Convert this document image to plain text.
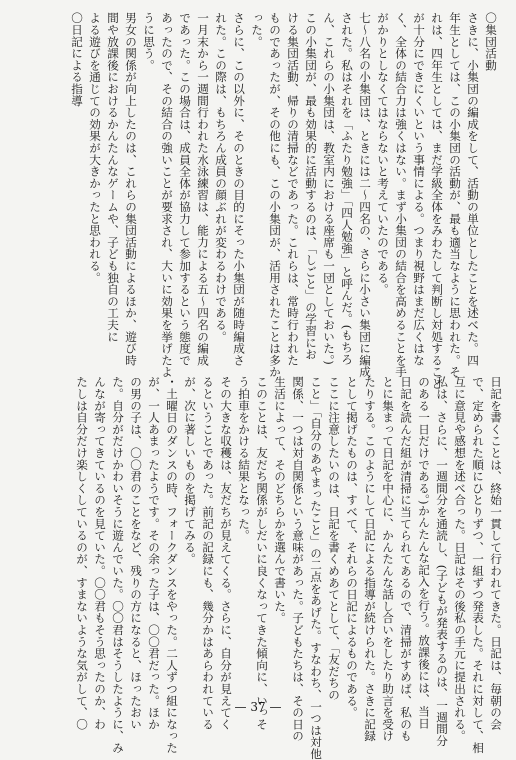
〇集団活動
さきに、小集団の編成をして、活動の単位としたことを述べた。四
年生としては、この小集団の活動が、最も適当なように思われた。そ
れは、四年生としては、まだ学級全体をみわたして判断し対処すること
が十分にできにくいという事情による。つまり視野はまだ広くはな
く、全体の結合力は強くはない。まず小集団の結合を高めることを手
がかりとしなくてはならないと考えていたのである。
七～八名の小集団は、ときには二～四名の、さらに小さい集団に編成
された。私はそれを「ふたり勉強」「四人勉強」と呼んだ。(もちろ
ん、これらの小集団は、教室内における座席も一団としておいた。)
この小集団が、最も効果的に活動するのは、「しごと」の学習にお
ける集団活動、帰りの清掃などであった。これらは、常時行われた
ものであったが、その他にも、この小集団が、活用されたことは多か
った。
さらに、この以外に、そのときの目的にそった小集団が随時編成さ
れた。この際は、もちろん成員の顔ぶれが変わるわけである。
一月末から一週間行われた水泳練習は、能力による五～四名の編成
であった。この場合は、成員全体が協力して参加するという態度で
あったので、その結合の強いことが要求され、大いに効果を挙げたよ
うに思う。
男女の関係が向上したのは、これらの集団活動によるほか、遊び時
間や放課後におけるかんたんなゲームや、子ども独自の工夫に
よる遊びを通じての効果が大きかったと思われる。
〇日記による指導
日記を書くことは、終始一貫して行われてきた。日記は、毎朝の会
で、定められた順にひとりずつ、一組ずつ発表した。それに対して、相
互に意見や感想を述べ合った。日記はその後私の手元に提出される。
私は、さらに、一週間分を通読し、(子どもが発表するのは、一週間分
のある一日だけである。)かんたんな記入を行う。放課後には、当日
日記を読んだ組が清掃に当てられてあるので、清掃がすめば、私のも
とに集まって日記を中心に、かんたんな話し合いをしたり助言を受け
たりする。このようにして日記による指導が続けられた。さきに記録
として掲げたものは、すべて、それらの日記によるものである。
ここに注意したいのは、日記を書くめあてとして、「友だちの
こと」「自分のあやまったこと」の二点をあげた。すなわち、一つは対他
関係、一つは対自関係という意味があった。子どもたちは、その日の
生活によって、そのどちらかを選んで書いた。
このことは、友だち関係がしだいに良くなってきた傾向に、いっそ
う拍車をかける結果となった。
その大きな収穫は、友だちが見えてくる。さらに、自分が見えてく
るということであった。前記の記録にも、幾分かはあらわれている
が、次に著しいものを掲げてみる。
・土曜日のダンスの時、フォークダンスをやった。二人ずつ組になった
が、一人あまったようです。その余った子は、〇〇君だった。ほか
の男の子は、〇〇君のことをなど、残りの方になると、ほったおい
た。自分がだけかわいそうに遊んでいた。〇〇君はそうしたように、み
んなが寄ってきているのを見ていた。〇〇君もそう思ったのか、わ
たしは自分だけ楽しくしているのが、すまないような気がして、〇	— 37 —
